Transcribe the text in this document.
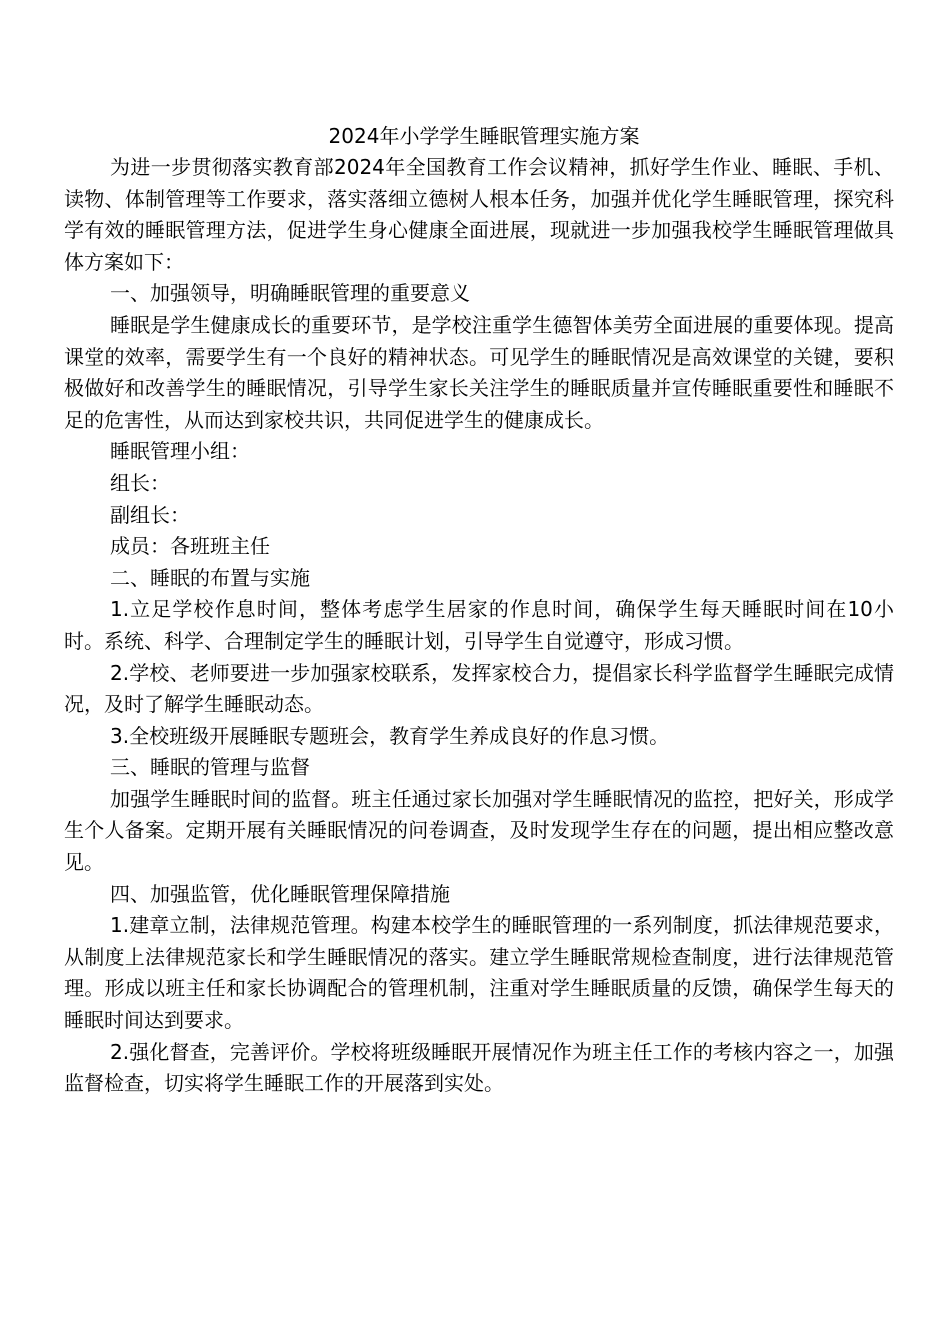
2024年小学学生睡眠管理实施方案

为进一步贯彻落实教育部2024年全国教育工作会议精神，抓好学生作业、睡眠、手机、读物、体制管理等工作要求，落实落细立德树人根本任务，加强并优化学生睡眠管理，探究科学有效的睡眠管理方法，促进学生身心健康全面进展，现就进一步加强我校学生睡眠管理做具体方案如下：

一、加强领导，明确睡眠管理的重要意义

睡眠是学生健康成长的重要环节，是学校注重学生德智体美劳全面进展的重要体现。提高课堂的效率，需要学生有一个良好的精神状态。可见学生的睡眠情况是高效课堂的关键，要积极做好和改善学生的睡眠情况，引导学生家长关注学生的睡眠质量并宣传睡眠重要性和睡眠不足的危害性，从而达到家校共识，共同促进学生的健康成长。

睡眠管理小组：

组长：

副组长：

成员：各班班主任

二、睡眠的布置与实施

1.立足学校作息时间，整体考虑学生居家的作息时间，确保学生每天睡眠时间在10小时。系统、科学、合理制定学生的睡眠计划，引导学生自觉遵守，形成习惯。

2.学校、老师要进一步加强家校联系，发挥家校合力，提倡家长科学监督学生睡眠完成情况，及时了解学生睡眠动态。

3.全校班级开展睡眠专题班会，教育学生养成良好的作息习惯。

三、睡眠的管理与监督

加强学生睡眠时间的监督。班主任通过家长加强对学生睡眠情况的监控，把好关，形成学生个人备案。定期开展有关睡眠情况的问卷调查，及时发现学生存在的问题，提出相应整改意见。

四、加强监管，优化睡眠管理保障措施

1.建章立制，法律规范管理。构建本校学生的睡眠管理的一系列制度，抓法律规范要求，从制度上法律规范家长和学生睡眠情况的落实。建立学生睡眠常规检查制度，进行法律规范管理。形成以班主任和家长协调配合的管理机制，注重对学生睡眠质量的反馈，确保学生每天的睡眠时间达到要求。

2.强化督查，完善评价。学校将班级睡眠开展情况作为班主任工作的考核内容之一，加强监督检查，切实将学生睡眠工作的开展落到实处。
